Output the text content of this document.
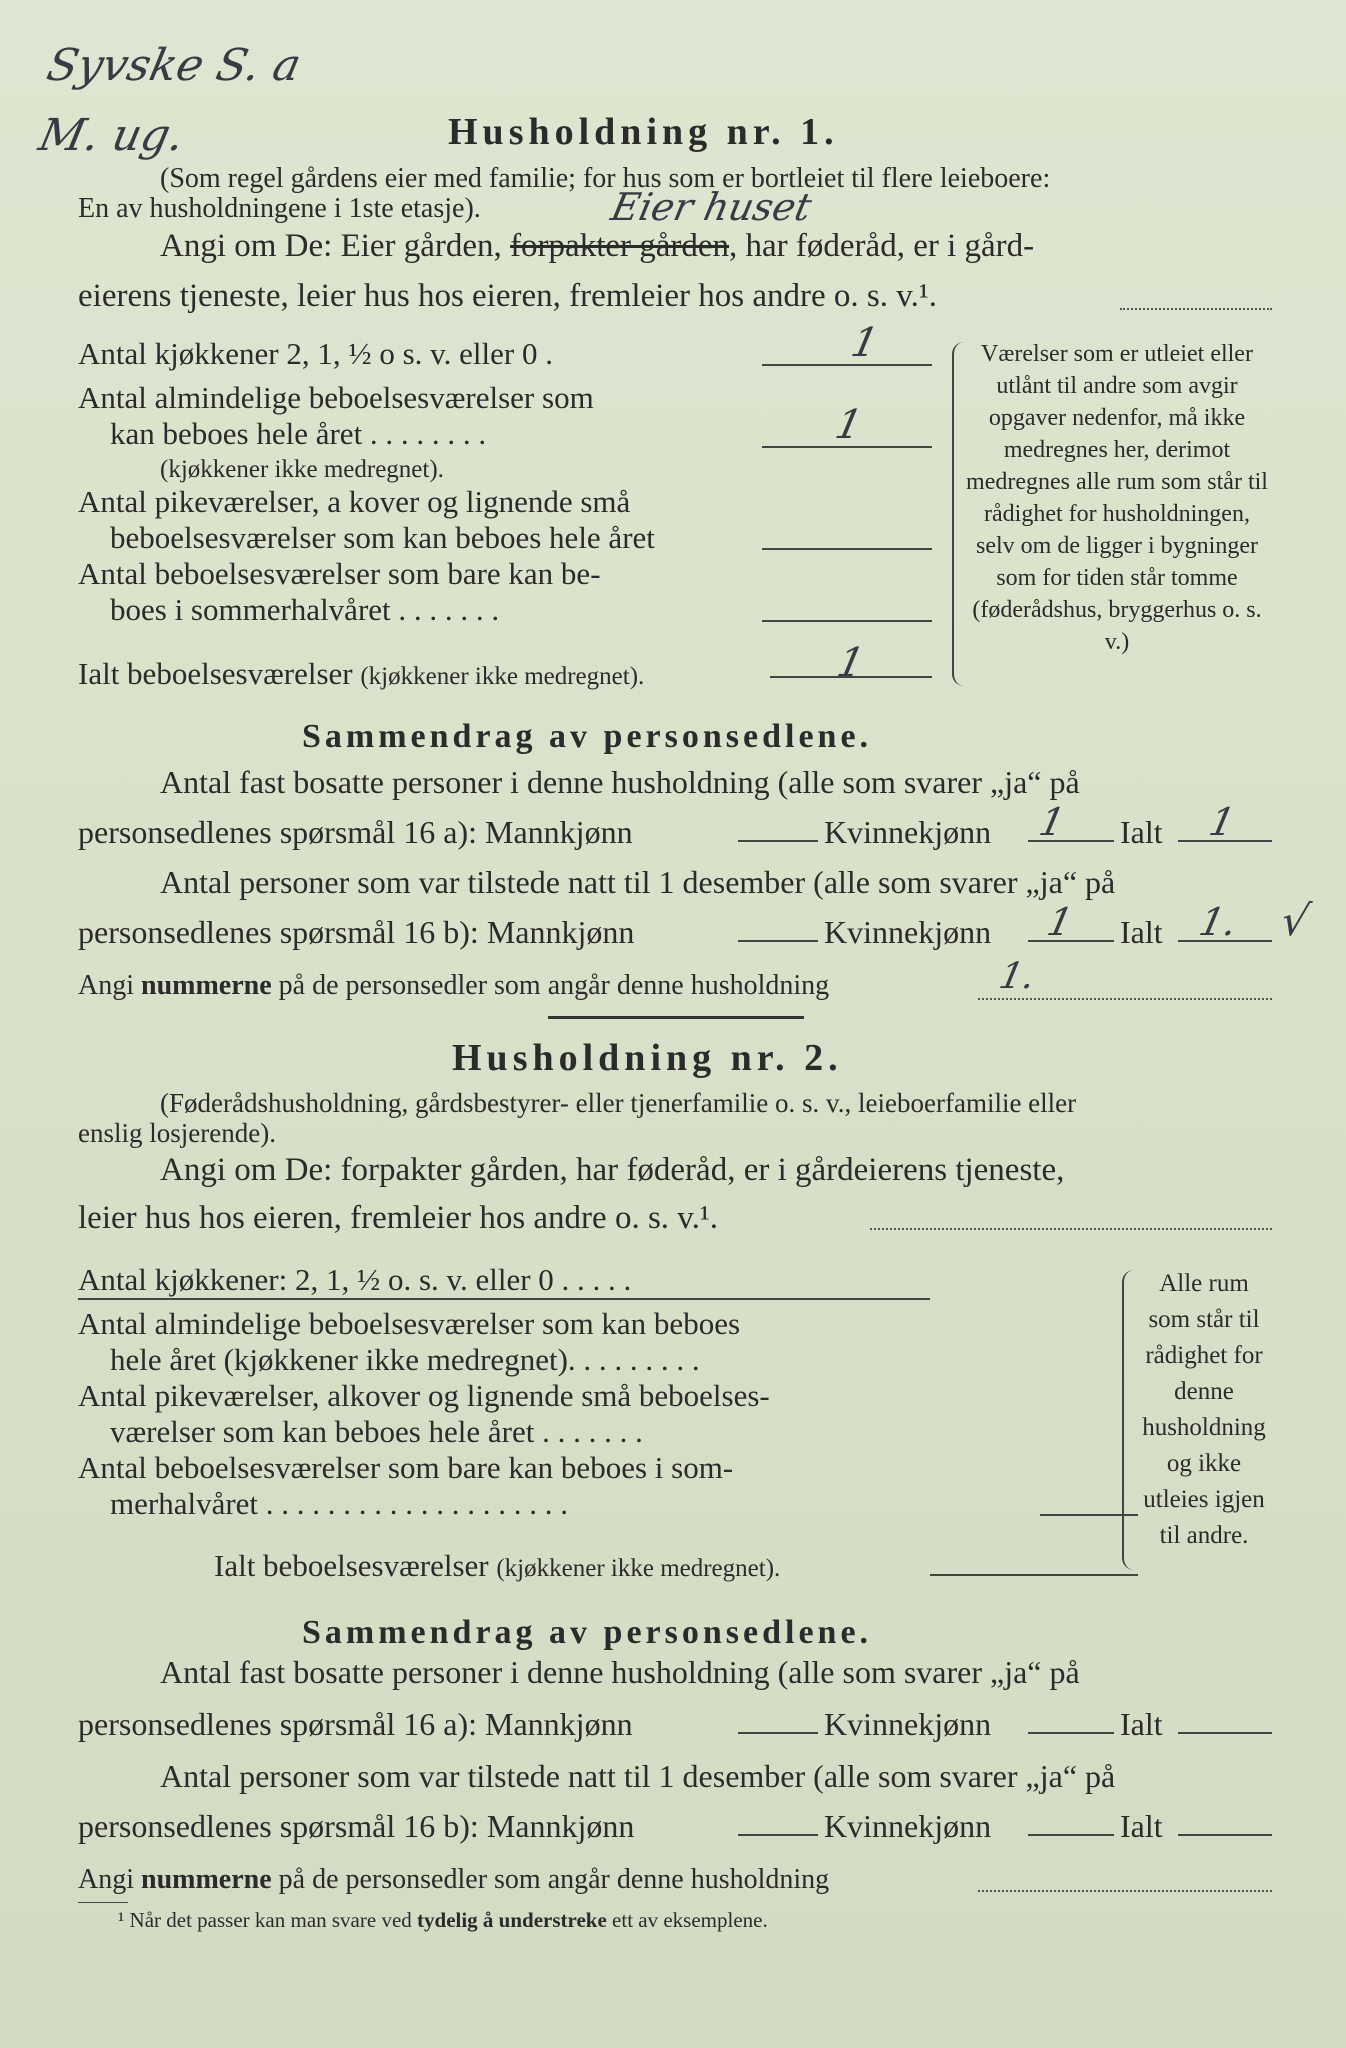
Syvske S. a
M. ug.	Husholdning nr. 1.
(Som regel gårdens eier med familie; for hus som er bortleiet til flere leieboere:
En av husholdningene i 1ste etasje).	Eier huset
Angi om De: Eier gården, forpakter gården, har føderåd, er i gård-
eierens tjeneste, leier hus hos eieren, fremleier hos andre o. s. v.¹.
Antal kjøkkener 2, 1, ½ o s. v. eller 0 .	1
Antal almindelige beboelsesværelser som
kan beboes hele året . . . . . . . .	1
(kjøkkener ikke medregnet).
Antal pikeværelser, a kover og lignende små
beboelsesværelser som kan beboes hele året
Antal beboelsesværelser som bare kan be-
boes i sommerhalvåret . . . . . . .
Ialt beboelsesværelser (kjøkkener ikke medregnet).	1
Værelser som er utleiet eller utlånt til andre som avgir opgaver nedenfor, må ikke medregnes her, derimot medregnes alle rum som står til rådighet for husholdningen, selv om de ligger i bygninger som for tiden står tomme (føderådshus, bryggerhus o. s. v.)
Sammendrag av personsedlene.
Antal fast bosatte personer i denne husholdning (alle som svarer „ja“ på
personsedlenes spørsmål 16 a): Mannkjønn	Kvinnekjønn 1 Ialt 1
Antal personer som var tilstede natt til 1 desember (alle som svarer „ja“ på
personsedlenes spørsmål 16 b): Mannkjønn	Kvinnekjønn 1 Ialt 1. √
Angi nummerne på de personsedler som angår denne husholdning	1.
Husholdning nr. 2.
(Føderådshusholdning, gårdsbestyrer- eller tjenerfamilie o. s. v., leieboerfamilie eller
enslig losjerende).
Angi om De: forpakter gården, har føderåd, er i gårdeierens tjeneste,
leier hus hos eieren, fremleier hos andre o. s. v.¹.
Antal kjøkkener: 2, 1, ½ o. s. v. eller 0 . . . . .
Antal almindelige beboelsesværelser som kan beboes
hele året (kjøkkener ikke medregnet). . . . . . . . .
Antal pikeværelser, alkover og lignende små beboelses-
værelser som kan beboes hele året . . . . . . .
Antal beboelsesværelser som bare kan beboes i som-
merhalvåret . . . . . . . . . . . . . . . . . . . .
Ialt beboelsesværelser (kjøkkener ikke medregnet).
Alle rum som står til rådighet for denne husholdning og ikke utleies igjen til andre.
Sammendrag av personsedlene.
Antal fast bosatte personer i denne husholdning (alle som svarer „ja“ på
personsedlenes spørsmål 16 a): Mannkjønn	Kvinnekjønn	Ialt
Antal personer som var tilstede natt til 1 desember (alle som svarer „ja“ på
personsedlenes spørsmål 16 b): Mannkjønn	Kvinnekjønn	Ialt
Angi nummerne på de personsedler som angår denne husholdning
¹ Når det passer kan man svare ved tydelig å understreke ett av eksemplene.
